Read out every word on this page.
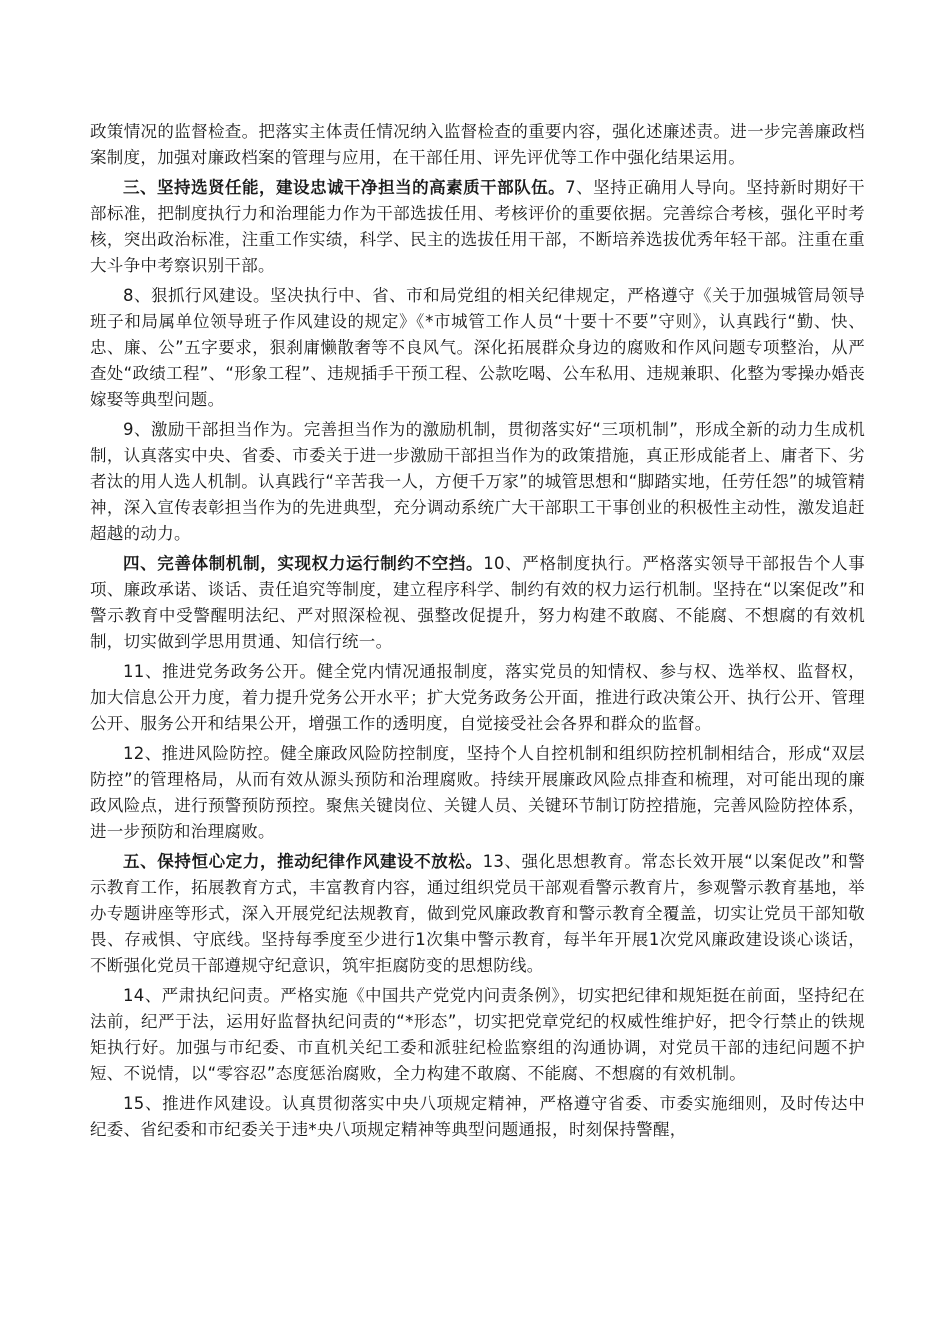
政策情况的监督检查。把落实主体责任情况纳入监督检查的重要内容，强化述廉述责。进一步完善廉政档案制度，加强对廉政档案的管理与应用，在干部任用、评先评优等工作中强化结果运用。

三、坚持选贤任能，建设忠诚干净担当的高素质干部队伍。7、坚持正确用人导向。坚持新时期好干部标准，把制度执行力和治理能力作为干部选拔任用、考核评价的重要依据。完善综合考核，强化平时考核，突出政治标准，注重工作实绩，科学、民主的选拔任用干部，不断培养选拔优秀年轻干部。注重在重大斗争中考察识别干部。

8、狠抓行风建设。坚决执行中、省、市和局党组的相关纪律规定，严格遵守《关于加强城管局领导班子和局属单位领导班子作风建设的规定》《*市城管工作人员“十要十不要”守则》，认真践行“勤、快、忠、廉、公”五字要求，狠刹庸懒散奢等不良风气。深化拓展群众身边的腐败和作风问题专项整治，从严查处“政绩工程”、“形象工程”、违规插手干预工程、公款吃喝、公车私用、违规兼职、化整为零操办婚丧嫁娶等典型问题。

9、激励干部担当作为。完善担当作为的激励机制，贯彻落实好“三项机制”，形成全新的动力生成机制，认真落实中央、省委、市委关于进一步激励干部担当作为的政策措施，真正形成能者上、庸者下、劣者汰的用人选人机制。认真践行“辛苦我一人，方便千万家”的城管思想和“脚踏实地，任劳任怨”的城管精神，深入宣传表彰担当作为的先进典型，充分调动系统广大干部职工干事创业的积极性主动性，激发追赶超越的动力。

四、完善体制机制，实现权力运行制约不空挡。10、严格制度执行。严格落实领导干部报告个人事项、廉政承诺、谈话、责任追究等制度，建立程序科学、制约有效的权力运行机制。坚持在“以案促改”和警示教育中受警醒明法纪、严对照深检视、强整改促提升，努力构建不敢腐、不能腐、不想腐的有效机制，切实做到学思用贯通、知信行统一。

11、推进党务政务公开。健全党内情况通报制度，落实党员的知情权、参与权、选举权、监督权，加大信息公开力度，着力提升党务公开水平；扩大党务政务公开面，推进行政决策公开、执行公开、管理公开、服务公开和结果公开，增强工作的透明度，自觉接受社会各界和群众的监督。

12、推进风险防控。健全廉政风险防控制度，坚持个人自控机制和组织防控机制相结合，形成“双层防控”的管理格局，从而有效从源头预防和治理腐败。持续开展廉政风险点排查和梳理，对可能出现的廉政风险点，进行预警预防预控。聚焦关键岗位、关键人员、关键环节制订防控措施，完善风险防控体系，进一步预防和治理腐败。

五、保持恒心定力，推动纪律作风建设不放松。13、强化思想教育。常态长效开展“以案促改”和警示教育工作，拓展教育方式，丰富教育内容，通过组织党员干部观看警示教育片，参观警示教育基地，举办专题讲座等形式，深入开展党纪法规教育，做到党风廉政教育和警示教育全覆盖，切实让党员干部知敬畏、存戒惧、守底线。坚持每季度至少进行1次集中警示教育，每半年开展1次党风廉政建设谈心谈话，不断强化党员干部遵规守纪意识，筑牢拒腐防变的思想防线。

14、严肃执纪问责。严格实施《中国共产党党内问责条例》，切实把纪律和规矩挺在前面，坚持纪在法前，纪严于法，运用好监督执纪问责的“*形态”，切实把党章党纪的权威性维护好，把令行禁止的铁规矩执行好。加强与市纪委、市直机关纪工委和派驻纪检监察组的沟通协调，对党员干部的违纪问题不护短、不说情，以“零容忍”态度惩治腐败，全力构建不敢腐、不能腐、不想腐的有效机制。

15、推进作风建设。认真贯彻落实中央八项规定精神，严格遵守省委、市委实施细则，及时传达中纪委、省纪委和市纪委关于违*央八项规定精神等典型问题通报，时刻保持警醒，
